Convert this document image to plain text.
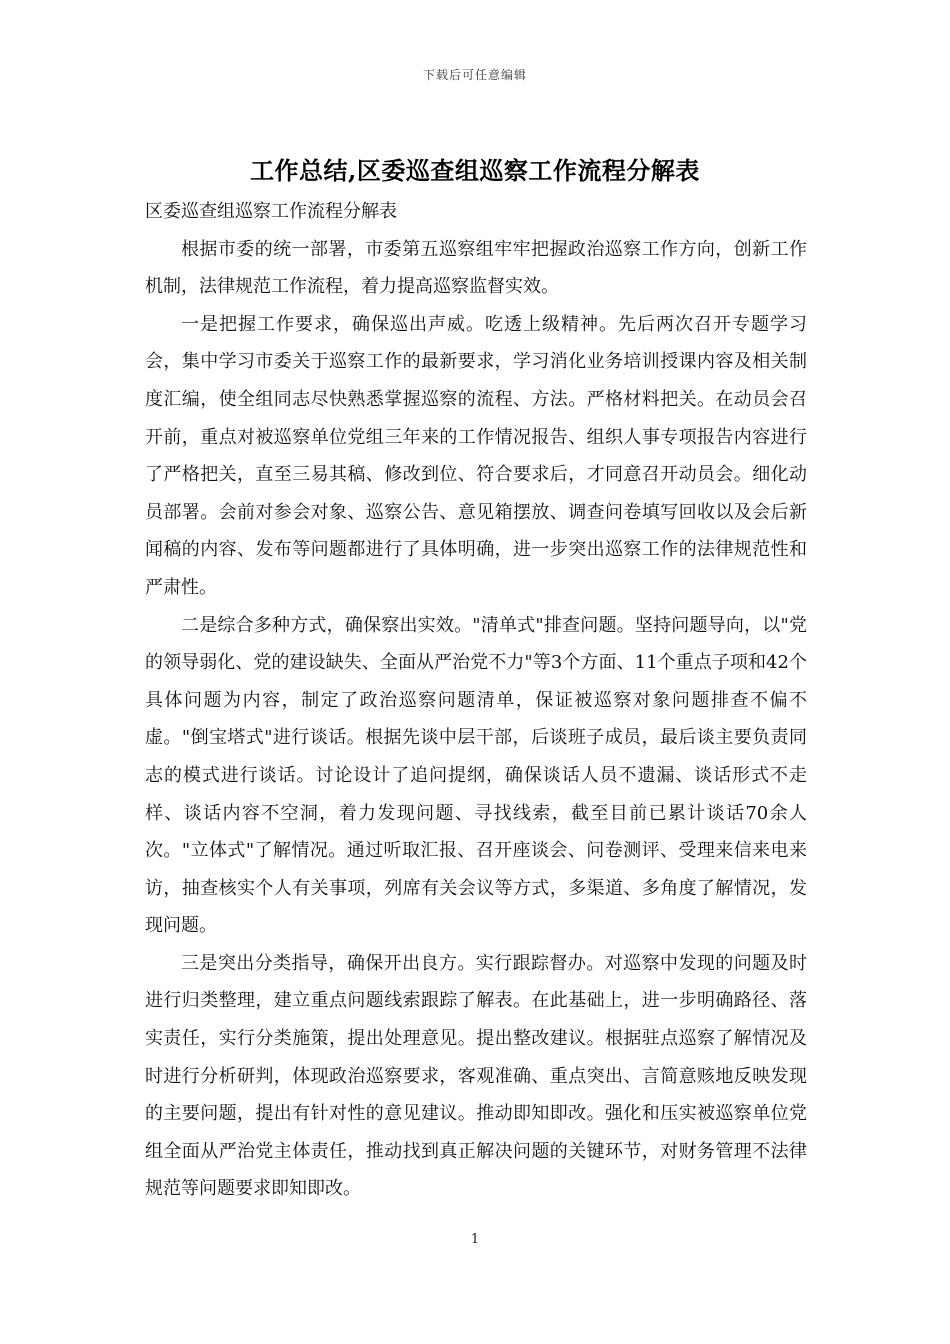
下载后可任意编辑
工作总结,区委巡查组巡察工作流程分解表

区委巡查组巡察工作流程分解表

根据市委的统一部署，市委第五巡察组牢牢把握政治巡察工作方向，创新工作机制，法律规范工作流程，着力提高巡察监督实效。

一是把握工作要求，确保巡出声威。吃透上级精神。先后两次召开专题学习会，集中学习市委关于巡察工作的最新要求，学习消化业务培训授课内容及相关制度汇编，使全组同志尽快熟悉掌握巡察的流程、方法。严格材料把关。在动员会召开前，重点对被巡察单位党组三年来的工作情况报告、组织人事专项报告内容进行了严格把关，直至三易其稿、修改到位、符合要求后，才同意召开动员会。细化动员部署。会前对参会对象、巡察公告、意见箱摆放、调查问卷填写回收以及会后新闻稿的内容、发布等问题都进行了具体明确，进一步突出巡察工作的法律规范性和严肃性。

二是综合多种方式，确保察出实效。"清单式"排查问题。坚持问题导向，以"党的领导弱化、党的建设缺失、全面从严治党不力"等3个方面、11个重点子项和42个具体问题为内容，制定了政治巡察问题清单，保证被巡察对象问题排查不偏不虚。"倒宝塔式"进行谈话。根据先谈中层干部，后谈班子成员，最后谈主要负责同志的模式进行谈话。讨论设计了追问提纲，确保谈话人员不遗漏、谈话形式不走样、谈话内容不空洞，着力发现问题、寻找线索，截至目前已累计谈话70余人次。"立体式"了解情况。通过听取汇报、召开座谈会、问卷测评、受理来信来电来访，抽查核实个人有关事项，列席有关会议等方式，多渠道、多角度了解情况，发现问题。

三是突出分类指导，确保开出良方。实行跟踪督办。对巡察中发现的问题及时进行归类整理，建立重点问题线索跟踪了解表。在此基础上，进一步明确路径、落实责任，实行分类施策，提出处理意见。提出整改建议。根据驻点巡察了解情况及时进行分析研判，体现政治巡察要求，客观准确、重点突出、言简意赅地反映发现的主要问题，提出有针对性的意见建议。推动即知即改。强化和压实被巡察单位党组全面从严治党主体责任，推动找到真正解决问题的关键环节，对财务管理不法律规范等问题要求即知即改。

1
